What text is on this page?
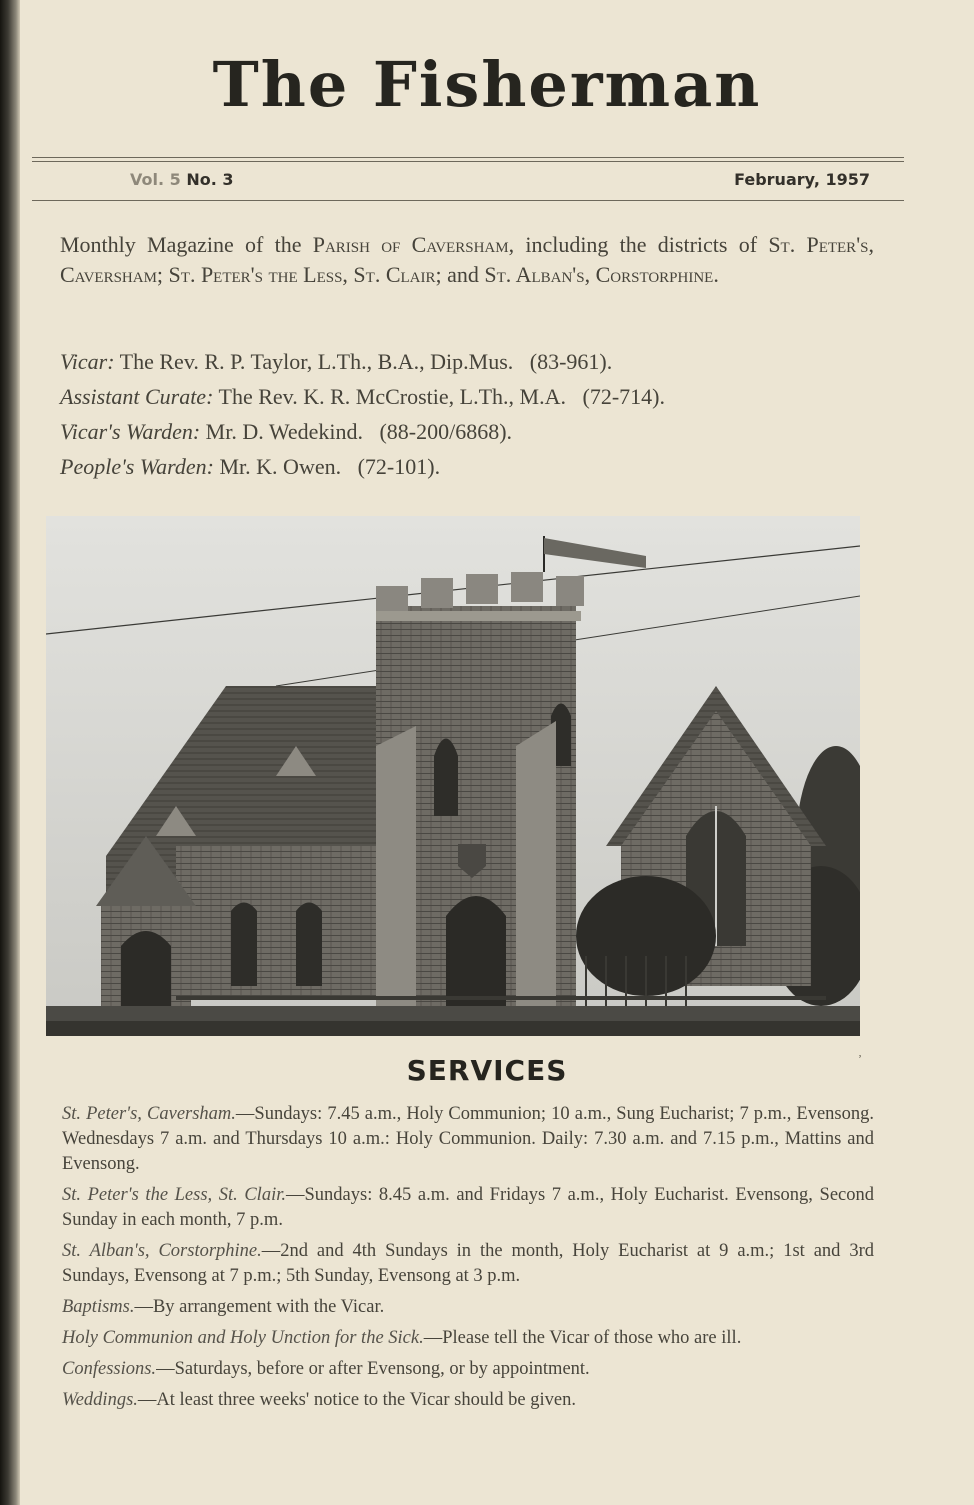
The Fisherman
Vol. 5 No. 3	February, 1957
Monthly Magazine of the Parish of Caversham, including the districts of St. Peter's, Caversham; St. Peter's the Less, St. Clair; and St. Alban's, Corstorphine.
Vicar: The Rev. R. P. Taylor, L.Th., B.A., Dip.Mus. (83-961).
Assistant Curate: The Rev. K. R. McCrostie, L.Th., M.A. (72-714).
Vicar's Warden: Mr. D. Wedekind. (88-200/6868).
People's Warden: Mr. K. Owen. (72-101).
SERVICES	ʼ

St. Peter's, Caversham.—Sundays: 7.45 a.m., Holy Communion; 10 a.m., Sung Eucharist; 7 p.m., Evensong. Wednesdays 7 a.m. and Thursdays 10 a.m.: Holy Communion. Daily: 7.30 a.m. and 7.15 p.m., Mattins and Evensong.

St. Peter's the Less, St. Clair.—Sundays: 8.45 a.m. and Fridays 7 a.m., Holy Eucharist. Evensong, Second Sunday in each month, 7 p.m.

St. Alban's, Corstorphine.—2nd and 4th Sundays in the month, Holy Eucharist at 9 a.m.; 1st and 3rd Sundays, Evensong at 7 p.m.; 5th Sunday, Evensong at 3 p.m.

Baptisms.—By arrangement with the Vicar.

Holy Communion and Holy Unction for the Sick.—Please tell the Vicar of those who are ill.

Confessions.—Saturdays, before or after Evensong, or by appointment.

Weddings.—At least three weeks' notice to the Vicar should be given.
